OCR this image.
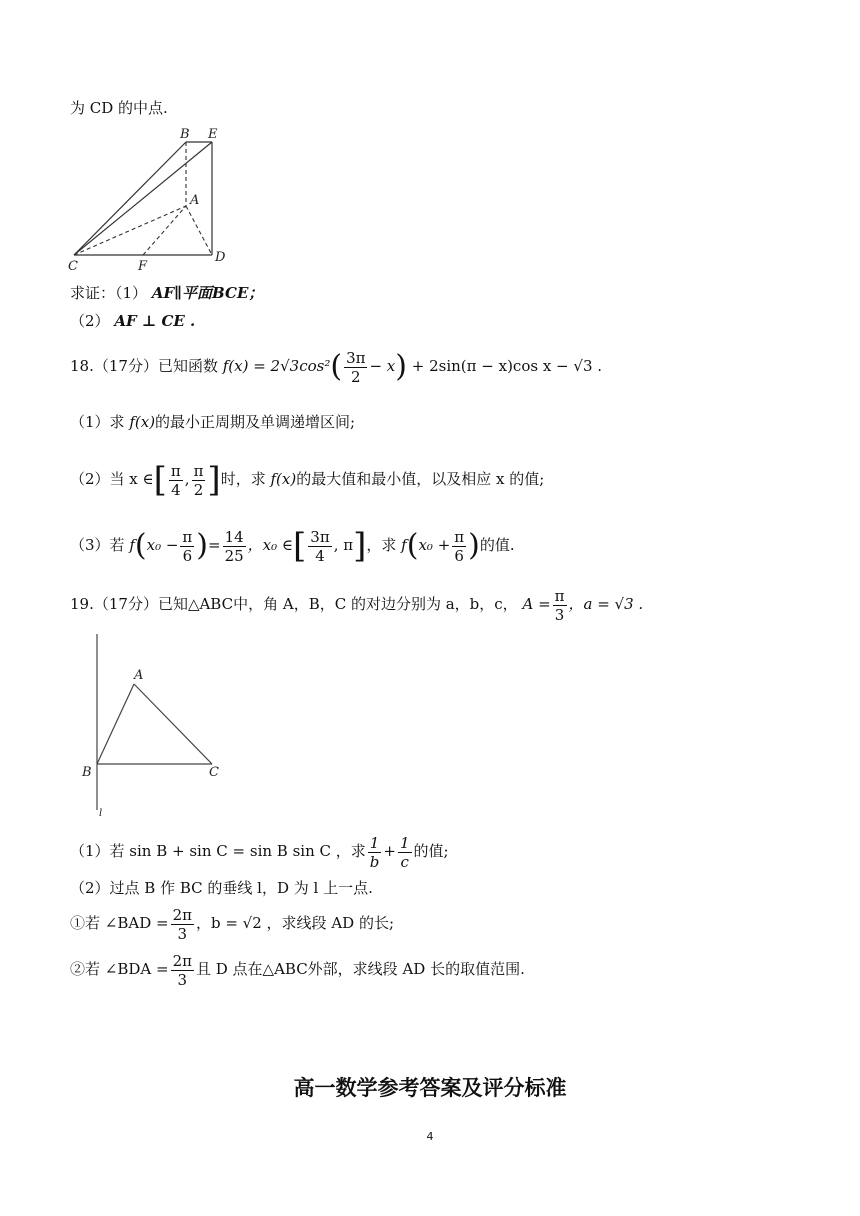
为 CD 的中点.
B E
A
C	F
D
求证：（1） AF∥平面BCE；
（2） AF ⊥ CE .
18.（17分）已知函数 $f(x) = 2√3\cos^2( \frac{3\pi}{2} - x) + 2\sin(\pi - x)\cos$ x − √3 .
（1）求 f(x)的最小正周期及单调递增区间;
（2）当 x ∈[ $\frac{\pi}{4}$ , $\frac{\pi}{2}$ ]时，求 f(x)的最大值和最小值，以及相应 x 的值;
（3）若 $f(x_0 - \frac{\pi}{6}$ )= $\frac{14}{25}$ ，x₀ ∈[ $\frac{3\pi}{4}$ , π]，求 $f(x_0 + \frac{\pi}{6}$ )的值.
19.（17分）已知△ABC中，角 A，B，C 的对边分别为 a，b，c， $A = \frac{\pi}{3}$ ，a = √3 .
A
B	C
l
（1）若 sin B + sin C = sin B sin C ，求 $\frac{1}{b} + \frac{1}{c}$ 的值;
（2）过点 B 作 BC 的垂线 l，D 为 l 上一点.
①若 ∠BAD = $\frac{2\pi}{3}$ ，b = √2 ，求线段 AD 的长;
②若 ∠BDA = $\frac{2\pi}{3}$ 且 D 点在△ABC外部，求线段 AD 长的取值范围.
高一数学参考答案及评分标准
4
